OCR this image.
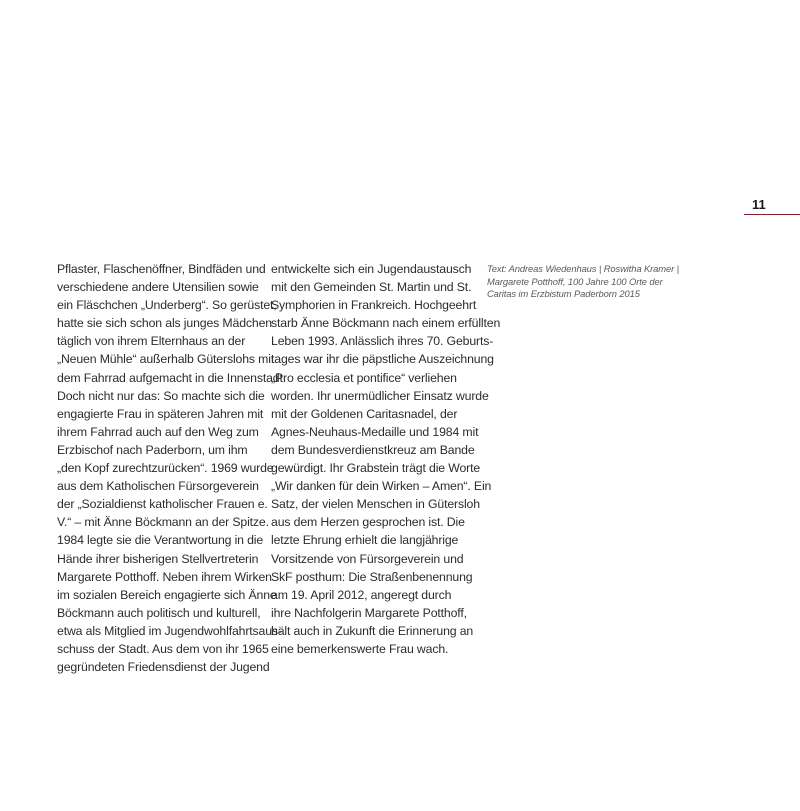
11
Pflaster, Flaschenöffner, Bindfäden und
verschiedene andere Utensilien sowie
ein Fläschchen „Underberg“. So gerüstet,
hatte sie sich schon als junges Mädchen
täglich von ihrem Elternhaus an der
„Neuen Mühle“ außerhalb Güterslohs mit
dem Fahrrad aufgemacht in die Innenstadt.
Doch nicht nur das: So machte sich die
engagierte Frau in späteren Jahren mit
ihrem Fahrrad auch auf den Weg zum
Erzbischof nach Paderborn, um ihm
„den Kopf zurechtzurücken“. 1969 wurde
aus dem Katholischen Fürsorgeverein
der „Sozialdienst katholischer Frauen e.
V.“ – mit Änne Böckmann an der Spitze.
1984 legte sie die Verantwortung in die
Hände ihrer bisherigen Stellvertreterin
Margarete Potthoff. Neben ihrem Wirken
im sozialen Bereich engagierte sich Änne
Böckmann auch politisch und kulturell,
etwa als Mitglied im Jugendwohlfahrtsaus-
schuss der Stadt. Aus dem von ihr 1965
gegründeten Friedensdienst der Jugend
entwickelte sich ein Jugendaustausch
mit den Gemeinden St. Martin und St.
Symphorien in Frankreich. Hochgeehrt
starb Änne Böckmann nach einem erfüllten
Leben 1993. Anlässlich ihres 70. Geburts-
tages war ihr die päpstliche Auszeichnung
„Pro ecclesia et pontifice“ verliehen
worden. Ihr unermüdlicher Einsatz wurde
mit der Goldenen Caritasnadel, der
Agnes-Neuhaus-Medaille und 1984 mit
dem Bundesverdienstkreuz am Bande
gewürdigt. Ihr Grabstein trägt die Worte
„Wir danken für dein Wirken – Amen“. Ein
Satz, der vielen Menschen in Gütersloh
aus dem Herzen gesprochen ist. Die
letzte Ehrung erhielt die langjährige
Vorsitzende von Fürsorgeverein und
SkF posthum: Die Straßenbenennung
am 19. April 2012, angeregt durch
ihre Nachfolgerin Margarete Potthoff,
hält auch in Zukunft die Erinnerung an
eine bemerkenswerte Frau wach.
Text: Andreas Wiedenhaus | Roswitha Kramer |
Margarete Potthoff, 100 Jahre 100 Orte der
Caritas im Erzbistum Paderborn 2015
